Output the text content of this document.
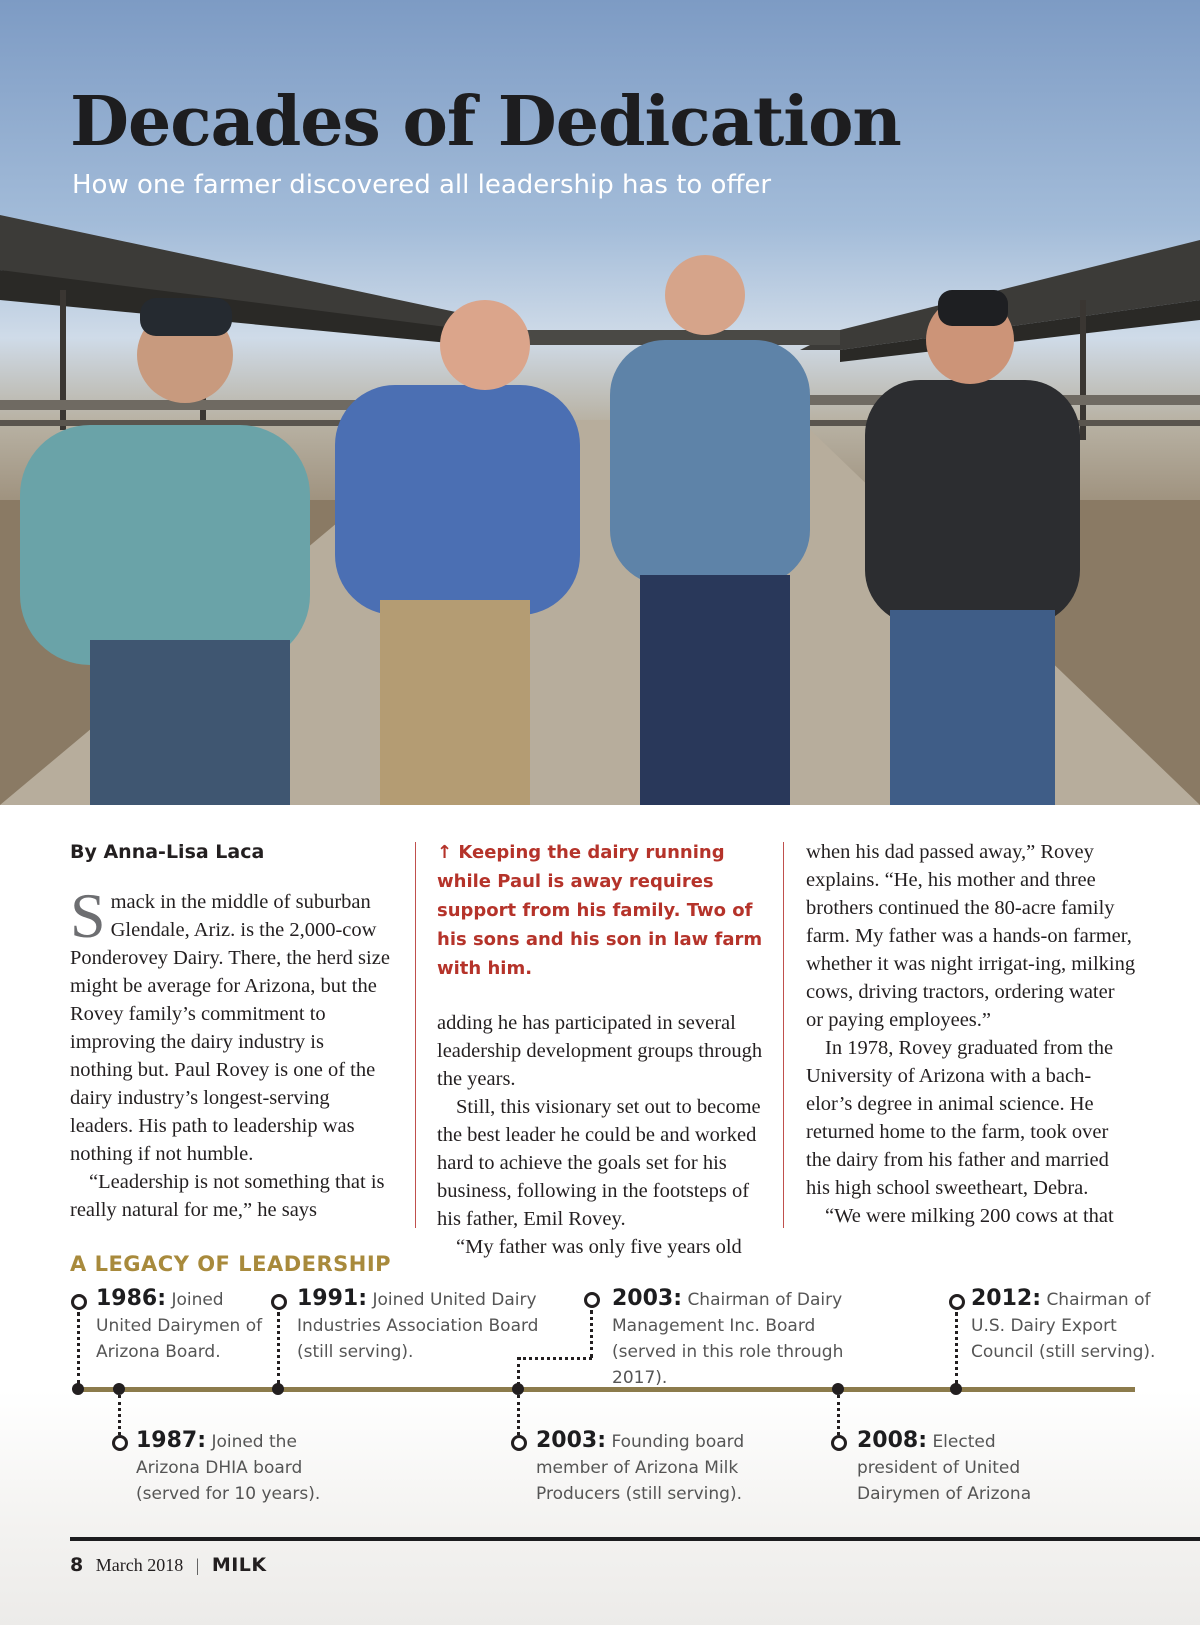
Decades of Dedication

How one farmer discovered all leadership has to offer

By Anna-Lisa Laca

Smack in the middle of suburban Glendale, Ariz. is the 2,000-cow Ponderovey Dairy. There, the herd size might be average for Arizona, but the Rovey family’s commitment to improving the dairy industry is nothing but. Paul Rovey is one of the dairy industry’s longest-serving leaders. His path to leadership was nothing if not humble.

“Leadership is not something that is really natural for me,” he says

↑ Keeping the dairy running while Paul is away requires support from his family. Two of his sons and his son in law farm with him.

adding he has participated in several leadership development groups through the years.

Still, this visionary set out to become the best leader he could be and worked hard to achieve the goals set for his business, following in the footsteps of his father, Emil Rovey.

“My father was only five years old

when his dad passed away,” Rovey explains. “He, his mother and three brothers continued the 80-acre family farm. My father was a hands-on farmer, whether it was night irrigat-ing, milking cows, driving tractors, ordering water or paying employees.”

In 1978, Rovey graduated from the University of Arizona with a bach-elor’s degree in animal science. He returned home to the farm, took over the dairy from his father and married his high school sweetheart, Debra.

“We were milking 200 cows at that

A LEGACY OF LEADERSHIP
1986: Joined United Dairymen of Arizona Board.
1991: Joined United Dairy Industries Association Board (still serving).
2003: Chairman of Dairy Management Inc. Board (served in this role through 2017).
2012: Chairman of U.S. Dairy Export Council (still serving).
1987: Joined the Arizona DHIA board (served for 10 years).
2003: Founding board member of Arizona Milk Producers (still serving).
2008: Elected president of United Dairymen of Arizona
8 March 2018 | MILK
